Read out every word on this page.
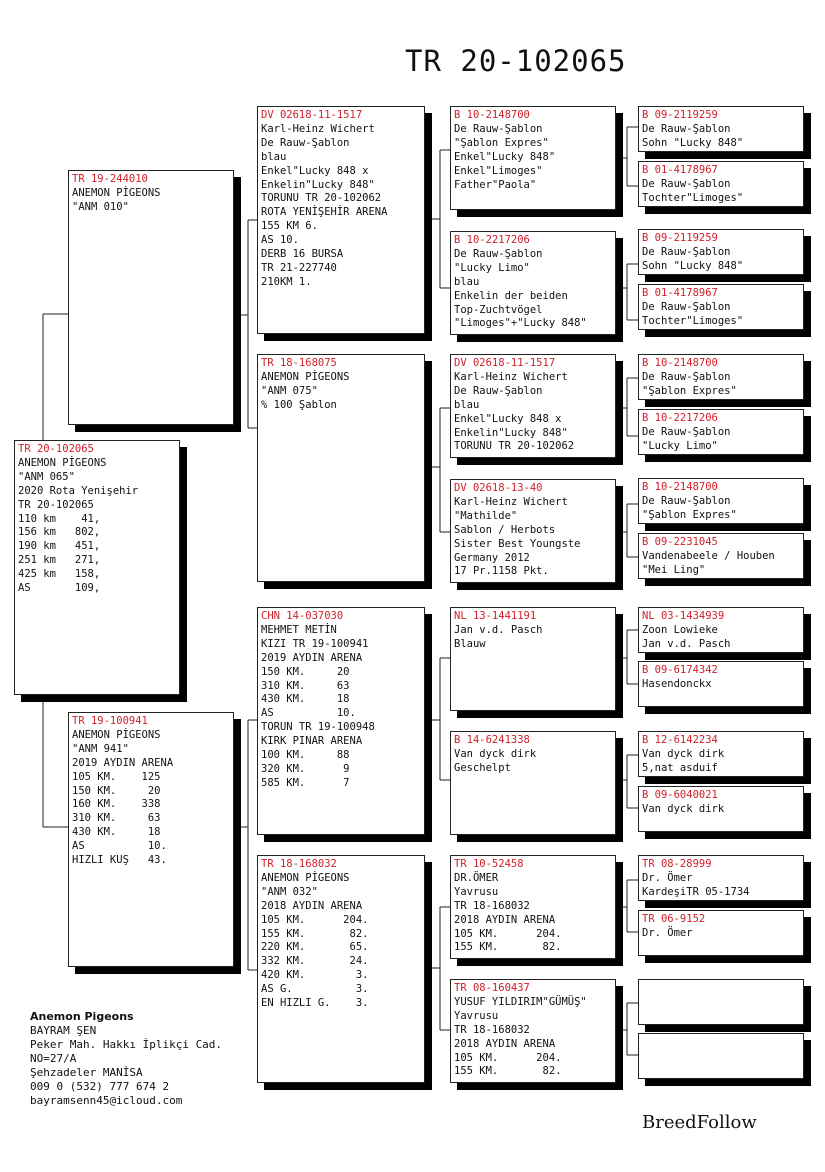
TR 20-102065
TR 20-102065
ANEMON PİGEONS
"ANM 065"
2020 Rota Yenişehir
TR 20-102065
110 km    41,
156 km   802,
190 km   451,
251 km   271,
425 km   158,
AS       109,
TR 19-244010
ANEMON PİGEONS
"ANM 010"
TR 19-100941
ANEMON PİGEONS
"ANM 941"
2019 AYDIN ARENA
105 KM.    125
150 KM.     20
160 KM.    338
310 KM.     63
430 KM.     18
AS          10.
HIZLI KUŞ   43.
DV 02618-11-1517
Karl-Heinz Wichert
De Rauw-Şablon
blau
Enkel"Lucky 848 x
Enkelin"Lucky 848"
TORUNU TR 20-102062
ROTA YENİŞEHİR ARENA
155 KM 6.
AS 10.
DERB 16 BURSA
TR 21-227740
210KM 1.
TR 18-168075
ANEMON PİGEONS
"ANM 075"
% 100 Şablon
CHN 14-037030
MEHMET METİN
KIZI TR 19-100941
2019 AYDIN ARENA
150 KM.     20
310 KM.     63
430 KM.     18
AS          10.
TORUN TR 19-100948
KIRK PINAR ARENA
100 KM.     88
320 KM.      9
585 KM.      7
TR 18-168032
ANEMON PİGEONS
"ANM 032"
2018 AYDIN ARENA
105 KM.      204.
155 KM.       82.
220 KM.       65.
332 KM.       24.
420 KM.        3.
AS G.          3.
EN HIZLI G.    3.
B 10-2148700
De Rauw-Şablon
"Şablon Expres"
Enkel"Lucky 848"
Enkel"Limoges"
Father"Paola"
B 10-2217206
De Rauw-Şablon
"Lucky Limo"
blau
Enkelin der beiden
Top-Zuchtvögel
"Limoges"+"Lucky 848"
DV 02618-11-1517
Karl-Heinz Wichert
De Rauw-Şablon
blau
Enkel"Lucky 848 x
Enkelin"Lucky 848"
TORUNU TR 20-102062
DV 02618-13-40
Karl-Heinz Wichert
"Mathilde"
Sablon / Herbots
Sister Best Youngste
Germany 2012
17 Pr.1158 Pkt.
NL 13-1441191
Jan v.d. Pasch
Blauw
B 14-6241338
Van dyck dirk
Geschelpt
TR 10-52458
DR.ÖMER
Yavrusu
TR 18-168032
2018 AYDIN ARENA
105 KM.      204.
155 KM.       82.
TR 08-160437
YUSUF YILDIRIM"GÜMÜŞ"
Yavrusu
TR 18-168032
2018 AYDIN ARENA
105 KM.      204.
155 KM.       82.
B 09-2119259
De Rauw-Şablon
Sohn "Lucky 848"
B 01-4178967
De Rauw-Şablon
Tochter"Limoges"
B 09-2119259
De Rauw-Şablon
Sohn "Lucky 848"
B 01-4178967
De Rauw-Şablon
Tochter"Limoges"
B 10-2148700
De Rauw-Şablon
"Şablon Expres"
B 10-2217206
De Rauw-Şablon
"Lucky Limo"
B 10-2148700
De Rauw-Şablon
"Şablon Expres"
B 09-2231045
Vandenabeele / Houben
"Mei Ling"
NL 03-1434939
Zoon Lowieke
Jan v.d. Pasch
B 09-6174342
Hasendonckx
B 12-6142234
Van dyck dirk
5,nat asduif
B 09-6040021
Van dyck dirk
TR 08-28999
Dr. Ömer
KardeşiTR 05-1734
TR 06-9152
Dr. Ömer
Anemon Pigeons
BAYRAM ŞEN
Peker Mah. Hakkı İplikçi Cad.
NO=27/A
Şehzadeler MANİSA
009 0 (532) 777 674 2
bayramsenn45@icloud.com
BreedFollow
